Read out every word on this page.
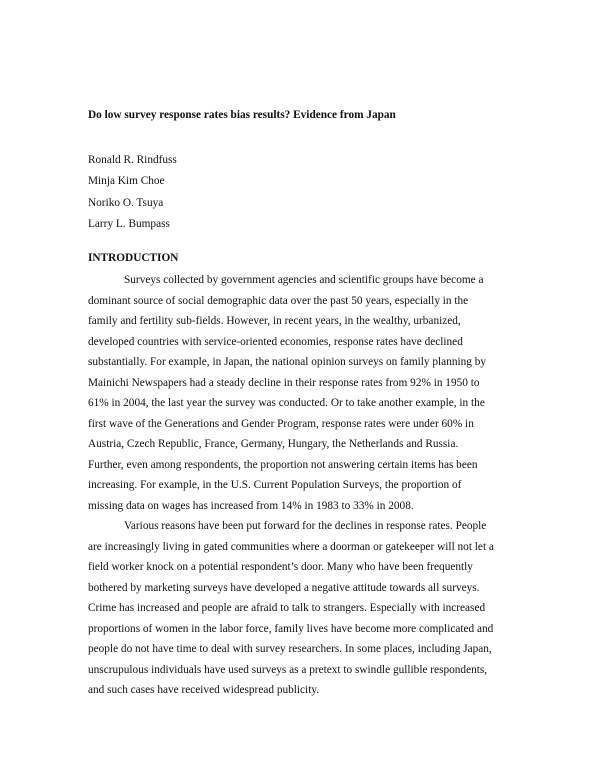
Do low survey response rates bias results? Evidence from Japan
Ronald R. Rindfuss
Minja Kim Choe
Noriko O. Tsuya
Larry L. Bumpass
INTRODUCTION
Surveys collected by government agencies and scientific groups have become a
dominant source of social demographic data over the past 50 years, especially in the
family and fertility sub-fields. However, in recent years, in the wealthy, urbanized,
developed countries with service-oriented economies, response rates have declined
substantially. For example, in Japan, the national opinion surveys on family planning by
Mainichi Newspapers had a steady decline in their response rates from 92% in 1950 to
61% in 2004, the last year the survey was conducted. Or to take another example, in the
first wave of the Generations and Gender Program, response rates were under 60% in
Austria, Czech Republic, France, Germany, Hungary, the Netherlands and Russia.
Further, even among respondents, the proportion not answering certain items has been
increasing. For example, in the U.S. Current Population Surveys, the proportion of
missing data on wages has increased from 14% in 1983 to 33% in 2008.
Various reasons have been put forward for the declines in response rates. People
are increasingly living in gated communities where a doorman or gatekeeper will not let a
field worker knock on a potential respondent’s door. Many who have been frequently
bothered by marketing surveys have developed a negative attitude towards all surveys.
Crime has increased and people are afraid to talk to strangers. Especially with increased
proportions of women in the labor force, family lives have become more complicated and
people do not have time to deal with survey researchers. In some places, including Japan,
unscrupulous individuals have used surveys as a pretext to swindle gullible respondents,
and such cases have received widespread publicity.
